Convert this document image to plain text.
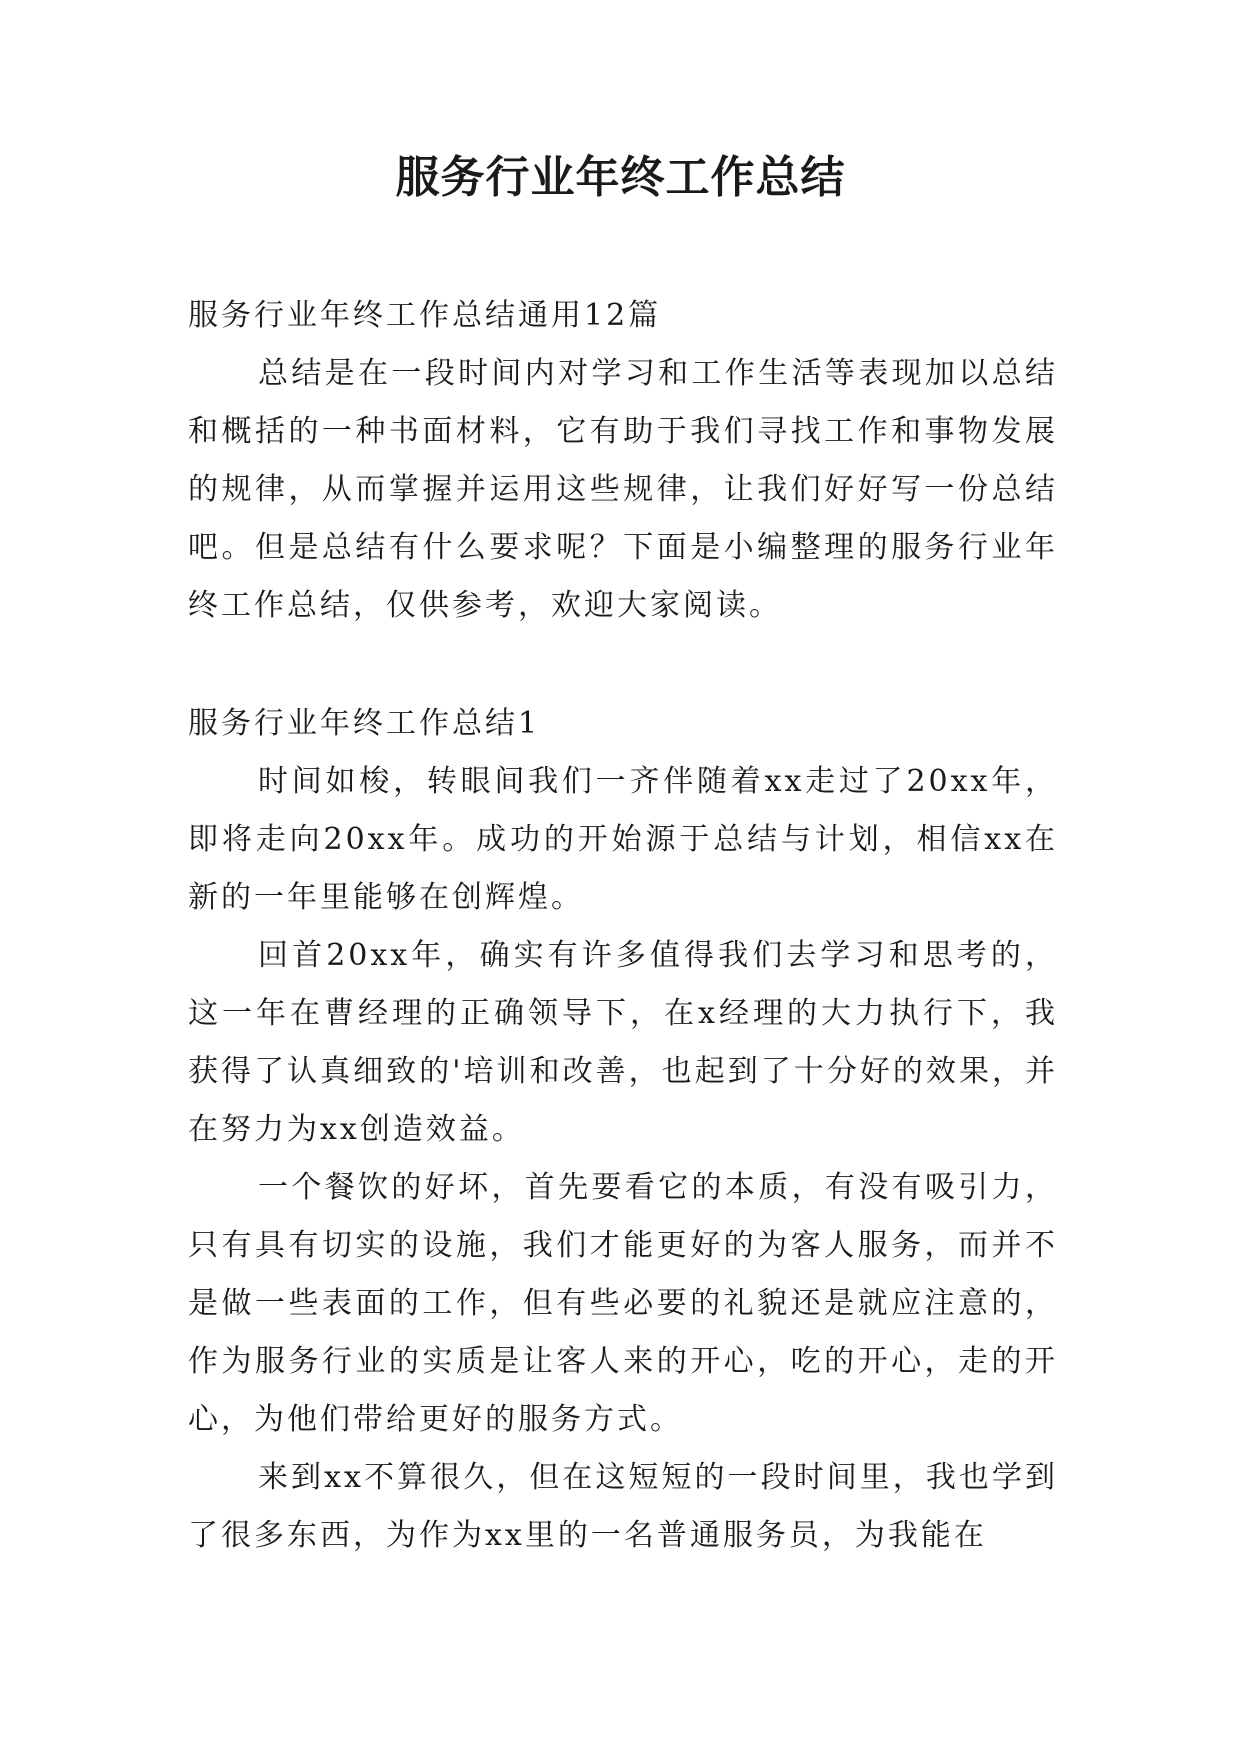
服务行业年终工作总结

服务行业年终工作总结通用12篇

总结是在一段时间内对学习和工作生活等表现加以总结和概括的一种书面材料，它有助于我们寻找工作和事物发展的规律，从而掌握并运用这些规律，让我们好好写一份总结吧。但是总结有什么要求呢？下面是小编整理的服务行业年终工作总结，仅供参考，欢迎大家阅读。

服务行业年终工作总结1

时间如梭，转眼间我们一齐伴随着xx走过了20xx年，即将走向20xx年。成功的开始源于总结与计划，相信xx在新的一年里能够在创辉煌。

回首20xx年，确实有许多值得我们去学习和思考的，这一年在曹经理的正确领导下，在x经理的大力执行下，我获得了认真细致的'培训和改善，也起到了十分好的效果，并在努力为xx创造效益。

一个餐饮的好坏，首先要看它的本质，有没有吸引力，只有具有切实的设施，我们才能更好的为客人服务，而并不是做一些表面的工作，但有些必要的礼貌还是就应注意的，作为服务行业的实质是让客人来的开心，吃的开心，走的开心，为他们带给更好的服务方式。

来到xx不算很久，但在这短短的一段时间里，我也学到了很多东西，为作为xx里的一名普通服务员，为我能在
